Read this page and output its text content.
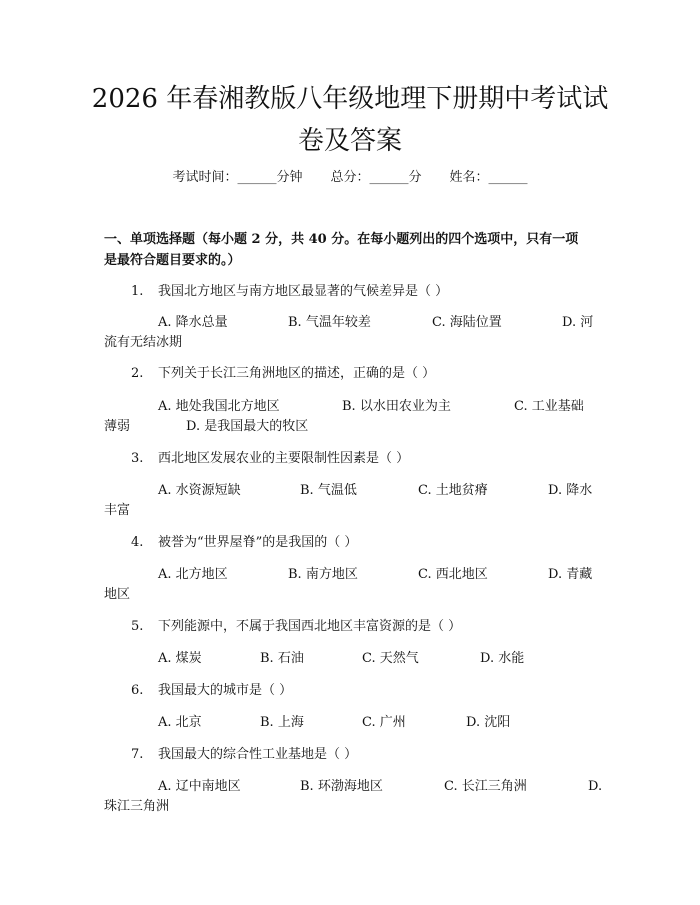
2026 年春湘教版八年级地理下册期中考试试
卷及答案
考试时间：______分钟 总分：______分 姓名：______
一、单项选择题（每小题 2 分，共 40 分。在每小题列出的四个选项中，只有一项
是最符合题目要求的。）
1. 我国北方地区与南方地区最显著的气候差异是（ ）
A. 降水总量	B. 气温年较差	C. 海陆位置	D. 河
流有无结冰期
2. 下列关于长江三角洲地区的描述，正确的是（ ）
A. 地处我国北方地区	B. 以水田农业为主	C. 工业基础
薄弱	D. 是我国最大的牧区
3. 西北地区发展农业的主要限制性因素是（ ）
A. 水资源短缺	B. 气温低	C. 土地贫瘠	D. 降水
丰富
4. 被誉为“世界屋脊”的是我国的（ ）
A. 北方地区	B. 南方地区	C. 西北地区	D. 青藏
地区
5. 下列能源中，不属于我国西北地区丰富资源的是（ ）
A. 煤炭	B. 石油	C. 天然气	D. 水能
6. 我国最大的城市是（ ）
A. 北京	B. 上海	C. 广州	D. 沈阳
7. 我国最大的综合性工业基地是（ ）
A. 辽中南地区	B. 环渤海地区	C. 长江三角洲	D.
珠江三角洲
